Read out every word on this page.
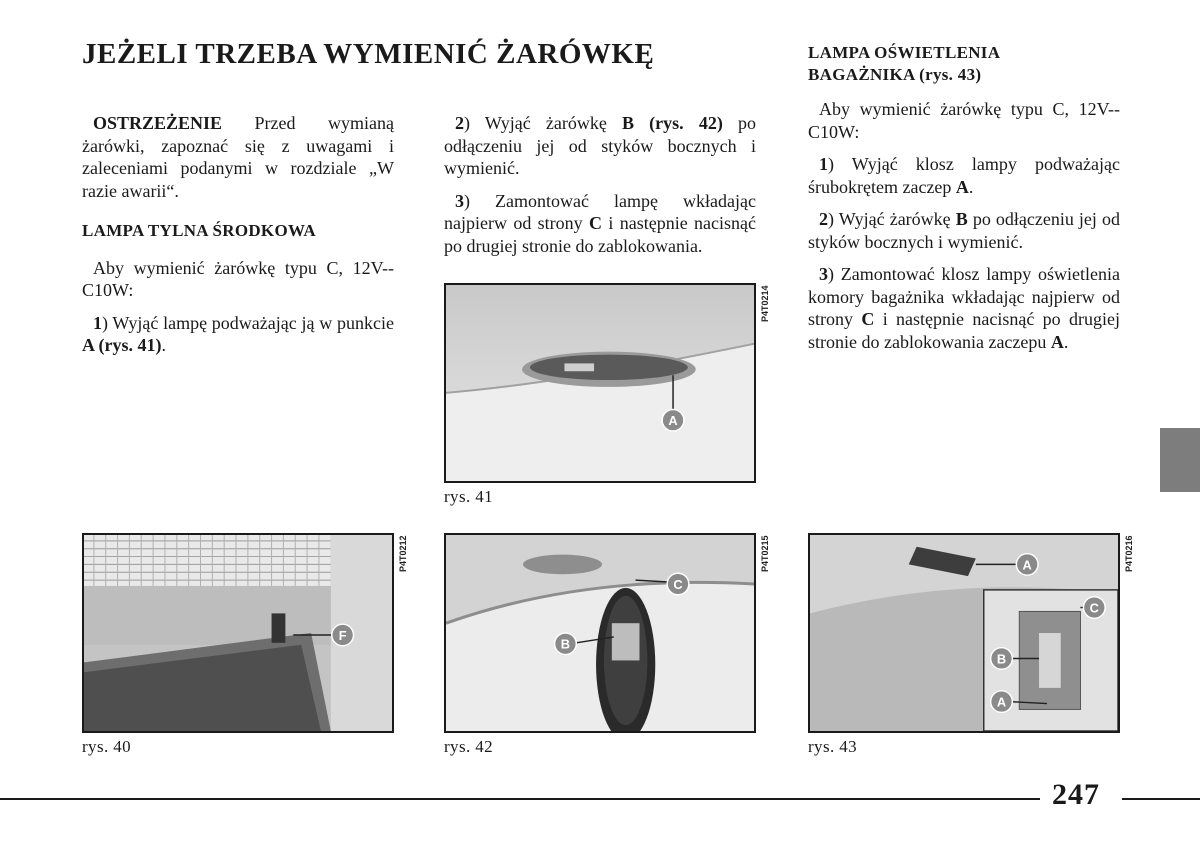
JEŻELI TRZEBA WYMIENIĆ ŻARÓWKĘ

OSTRZEŻENIE Przed wymianą żarówki, zapoznać się z uwagami i zaleceniami podanymi w rozdziale „W razie awarii“.

LAMPA TYLNA ŚRODKOWA

Aby wymienić żarówkę typu C, 12V--C10W:

1) Wyjąć lampę podważając ją w punkcie A (rys. 41).

2) Wyjąć żarówkę B (rys. 42) po odłączeniu jej od styków bocznych i wymienić.

3) Zamontować lampę wkładając najpierw od strony C i następnie nacisnąć po drugiej stronie do zablokowania.

LAMPA OŚWIETLENIA
BAGAŻNIKA (rys. 43)

Aby wymienić żarówkę typu C, 12V--C10W:

1) Wyjąć klosz lampy podważając śrubokrętem zaczep A.

2) Wyjąć żarówkę B po odłączeniu jej od styków bocznych i wymienić.

3) Zamontować klosz lampy oświetlenia komory bagażnika wkładając najpierw od strony C i następnie nacisnąć po drugiej stronie do zablokowania zaczepu A.

A
P4T0214
rys. 41
F
P4T0212
rys. 40
C
B
P4T0215
rys. 42
A
C
B
A
P4T0216
rys. 43
247
